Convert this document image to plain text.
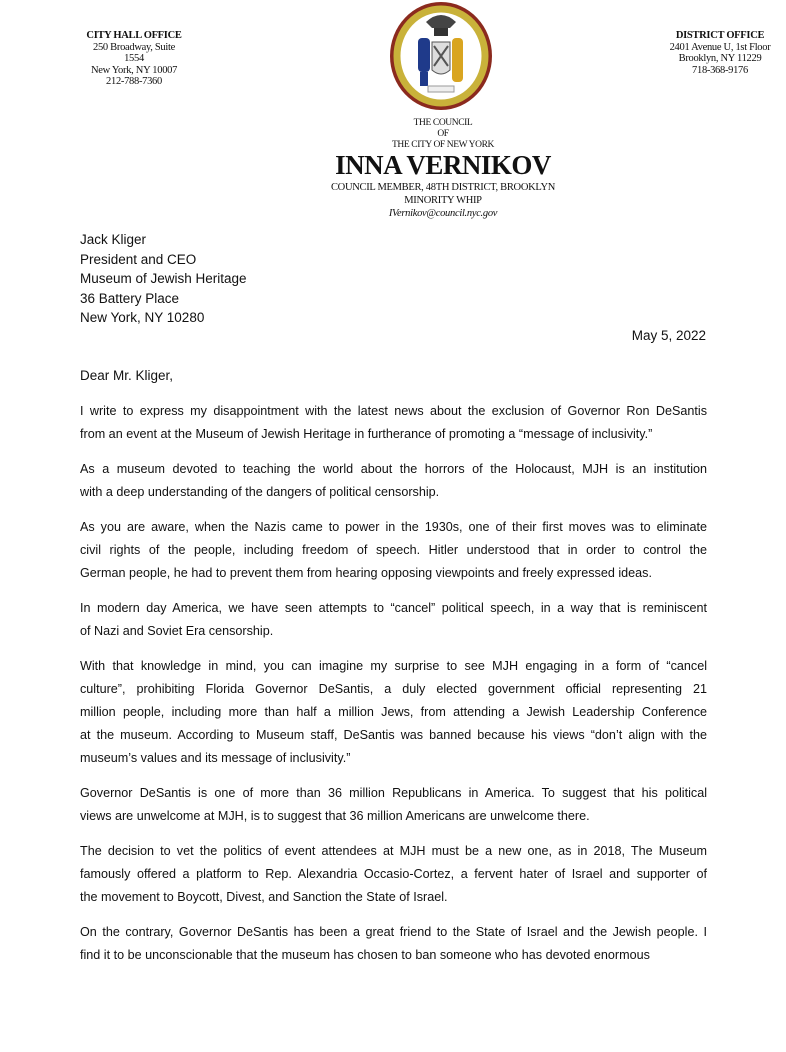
CITY HALL OFFICE
250 Broadway, Suite 1554
New York, NY 10007
212-788-7360
DISTRICT OFFICE
2401 Avenue U, 1st Floor
Brooklyn, NY 11229
718-368-9176
THE COUNCIL
OF
THE CITY OF NEW YORK
INNA VERNIKOV
COUNCIL MEMBER, 48TH DISTRICT, BROOKLYN
MINORITY WHIP
IVernikov@council.nyc.gov
Jack Kliger
President and CEO
Museum of Jewish Heritage
36 Battery Place
New York, NY 10280
May 5, 2022
Dear Mr. Kliger,
I write to express my disappointment with the latest news about the exclusion of Governor Ron DeSantis
from an event at the Museum of Jewish Heritage in furtherance of promoting a “message of inclusivity.”
As a museum devoted to teaching the world about the horrors of the Holocaust, MJH is an institution
with a deep understanding of the dangers of political censorship.
As you are aware, when the Nazis came to power in the 1930s, one of their first moves was to eliminate
civil rights of the people, including freedom of speech. Hitler understood that in order to control the
German people, he had to prevent them from hearing opposing viewpoints and freely expressed ideas.
In modern day America, we have seen attempts to “cancel” political speech, in a way that is reminiscent
of Nazi and Soviet Era censorship.
With that knowledge in mind, you can imagine my surprise to see MJH engaging in a form of “cancel
culture”, prohibiting Florida Governor DeSantis, a duly elected government official representing 21
million people, including more than half a million Jews, from attending a Jewish Leadership Conference
at the museum. According to Museum staff, DeSantis was banned because his views “don’t align with the
museum’s values and its message of inclusivity.”
Governor DeSantis is one of more than 36 million Republicans in America. To suggest that his political
views are unwelcome at MJH, is to suggest that 36 million Americans are unwelcome there.
The decision to vet the politics of event attendees at MJH must be a new one, as in 2018, The Museum
famously offered a platform to Rep. Alexandria Occasio-Cortez, a fervent hater of Israel and supporter of
the movement to Boycott, Divest, and Sanction the State of Israel.
On the contrary, Governor DeSantis has been a great friend to the State of Israel and the Jewish people. I
find it to be unconscionable that the museum has chosen to ban someone who has devoted enormous
